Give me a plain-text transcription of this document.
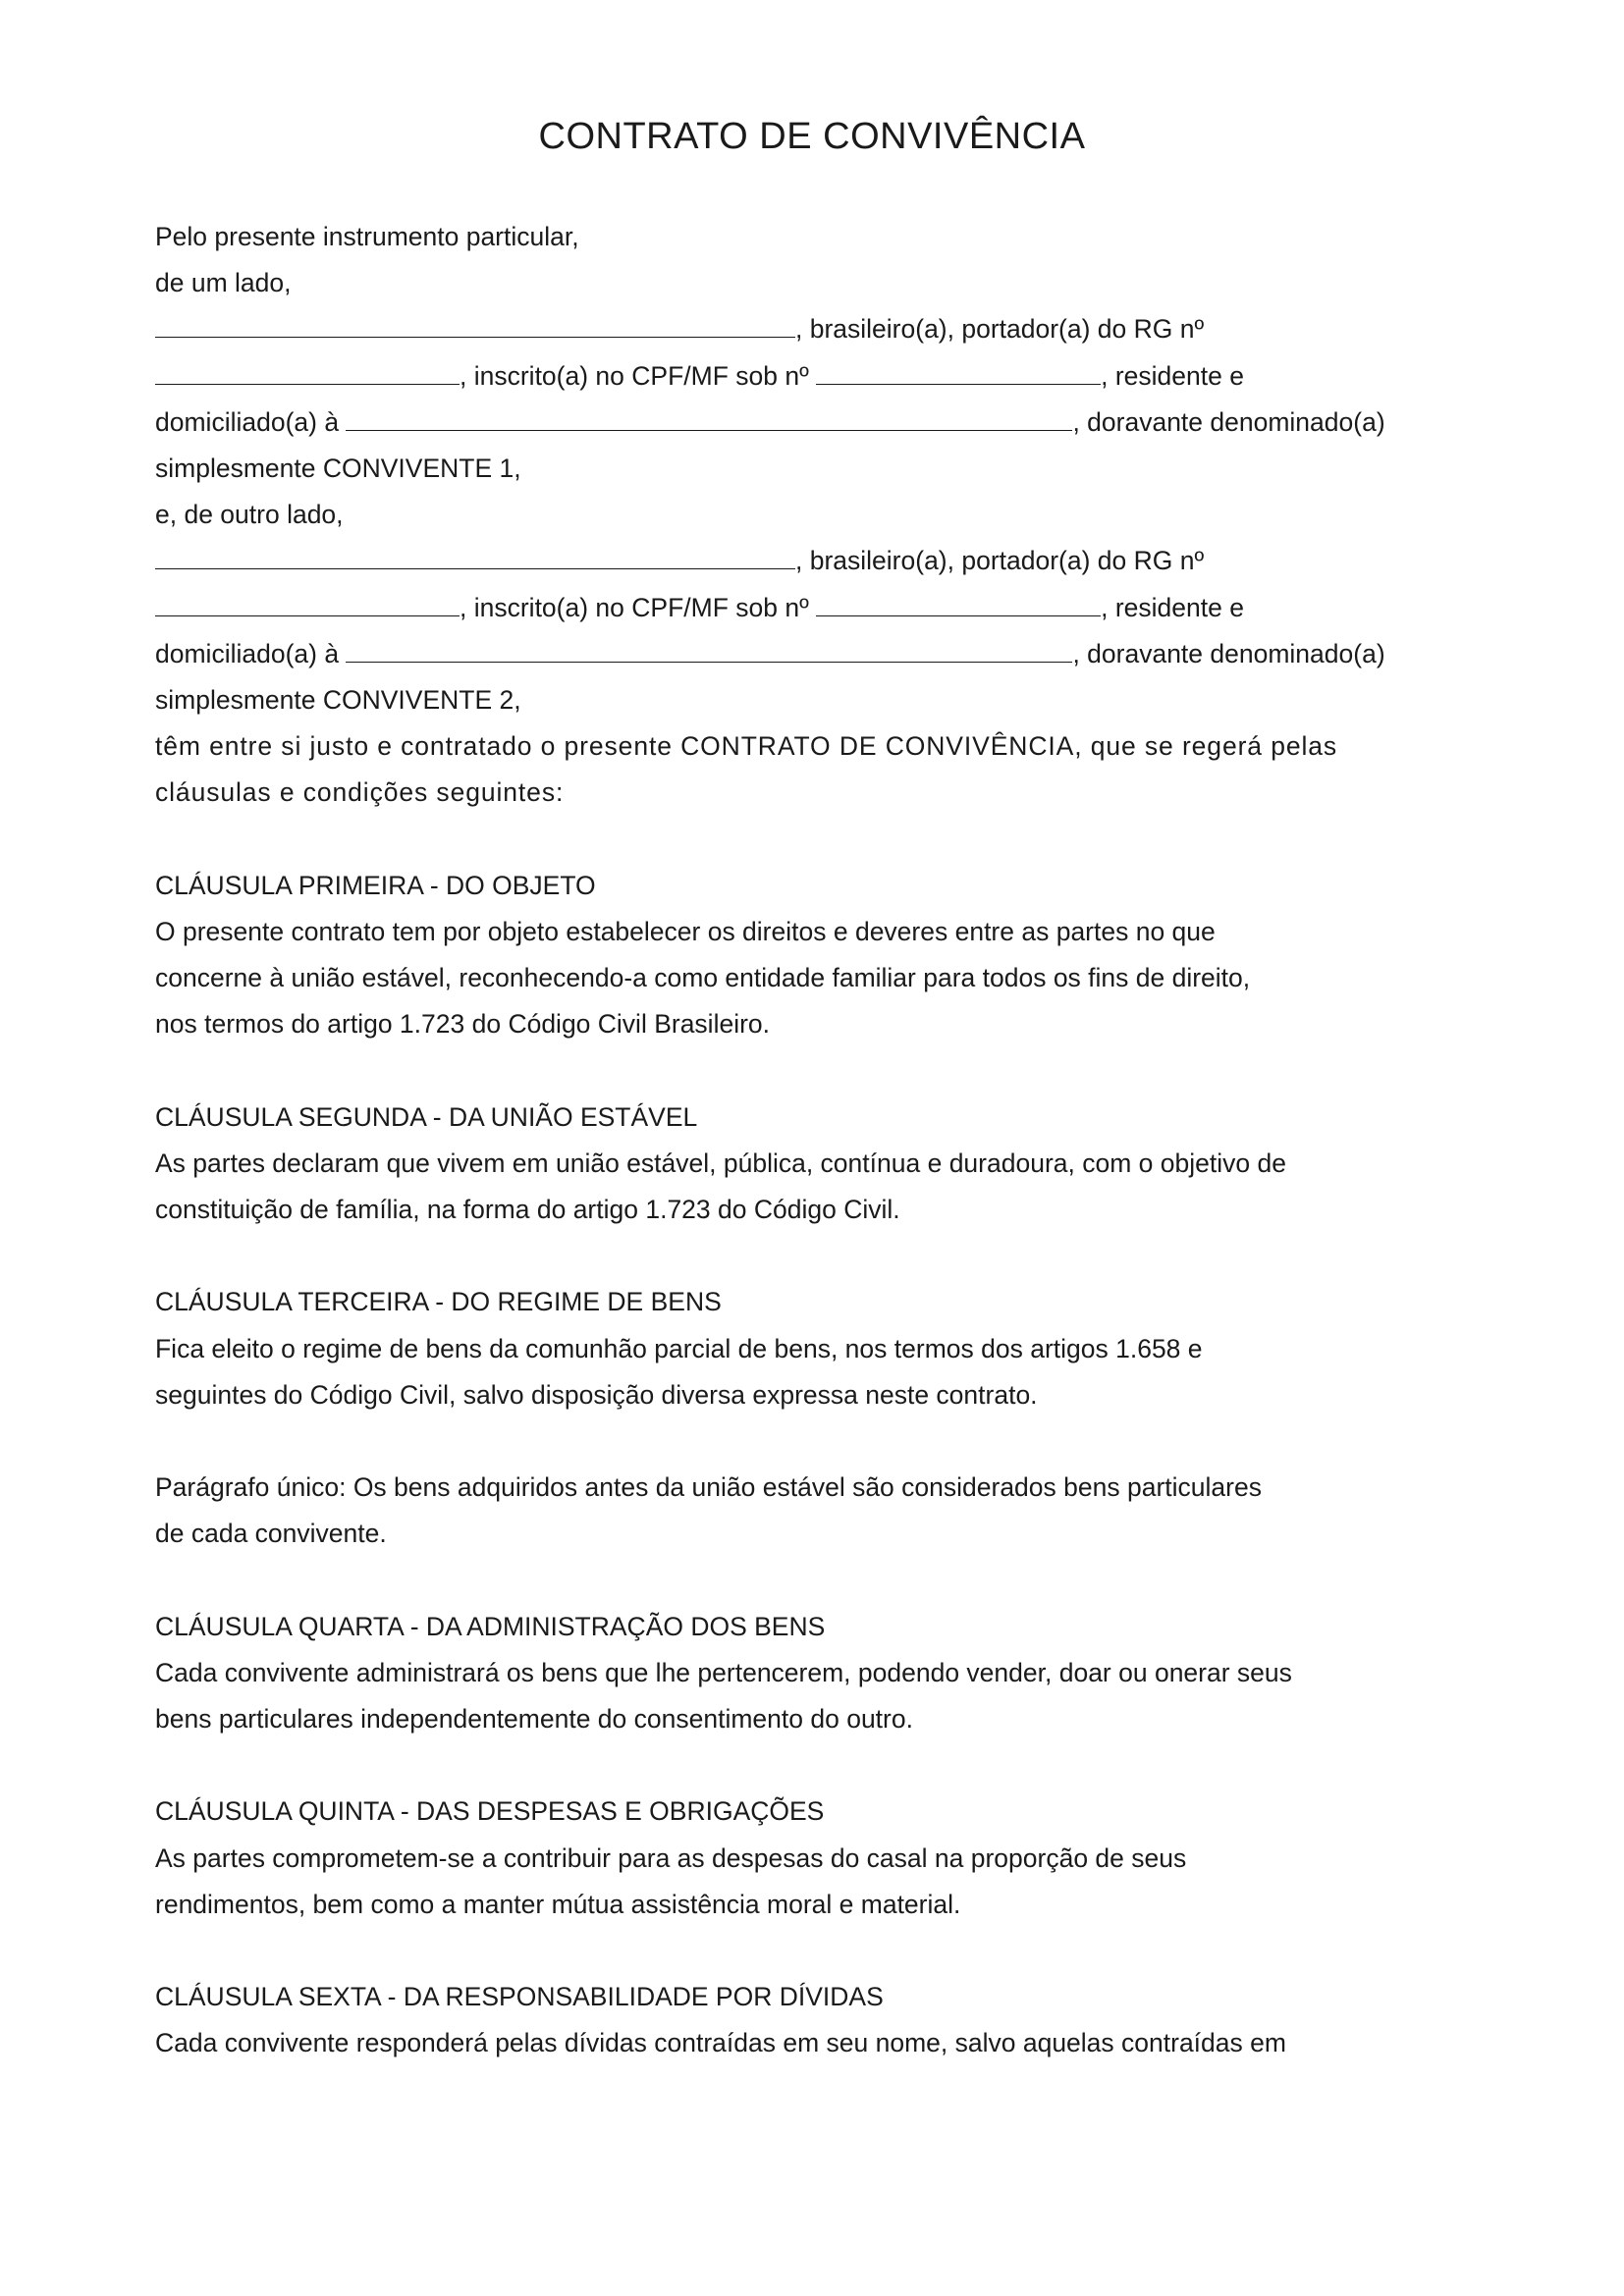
CONTRATO DE CONVIVÊNCIA
Pelo presente instrumento particular,
de um lado,
, brasileiro(a), portador(a) do RG nº
, inscrito(a) no CPF/MF sob nº	, residente e
domiciliado(a) à	, doravante denominado(a)
simplesmente CONVIVENTE 1,
e, de outro lado,
, brasileiro(a), portador(a) do RG nº
, inscrito(a) no CPF/MF sob nº	, residente e
domiciliado(a) à	, doravante denominado(a)
simplesmente CONVIVENTE 2,
têm entre si justo e contratado o presente CONTRATO DE CONVIVÊNCIA, que se regerá pelas
cláusulas e condições seguintes:
CLÁUSULA PRIMEIRA - DO OBJETO
O presente contrato tem por objeto estabelecer os direitos e deveres entre as partes no que
concerne à união estável, reconhecendo-a como entidade familiar para todos os fins de direito,
nos termos do artigo 1.723 do Código Civil Brasileiro.
CLÁUSULA SEGUNDA - DA UNIÃO ESTÁVEL
As partes declaram que vivem em união estável, pública, contínua e duradoura, com o objetivo de
constituição de família, na forma do artigo 1.723 do Código Civil.
CLÁUSULA TERCEIRA - DO REGIME DE BENS
Fica eleito o regime de bens da comunhão parcial de bens, nos termos dos artigos 1.658 e
seguintes do Código Civil, salvo disposição diversa expressa neste contrato.
Parágrafo único: Os bens adquiridos antes da união estável são considerados bens particulares
de cada convivente.
CLÁUSULA QUARTA - DA ADMINISTRAÇÃO DOS BENS
Cada convivente administrará os bens que lhe pertencerem, podendo vender, doar ou onerar seus
bens particulares independentemente do consentimento do outro.
CLÁUSULA QUINTA - DAS DESPESAS E OBRIGAÇÕES
As partes comprometem-se a contribuir para as despesas do casal na proporção de seus
rendimentos, bem como a manter mútua assistência moral e material.
CLÁUSULA SEXTA - DA RESPONSABILIDADE POR DÍVIDAS
Cada convivente responderá pelas dívidas contraídas em seu nome, salvo aquelas contraídas em
